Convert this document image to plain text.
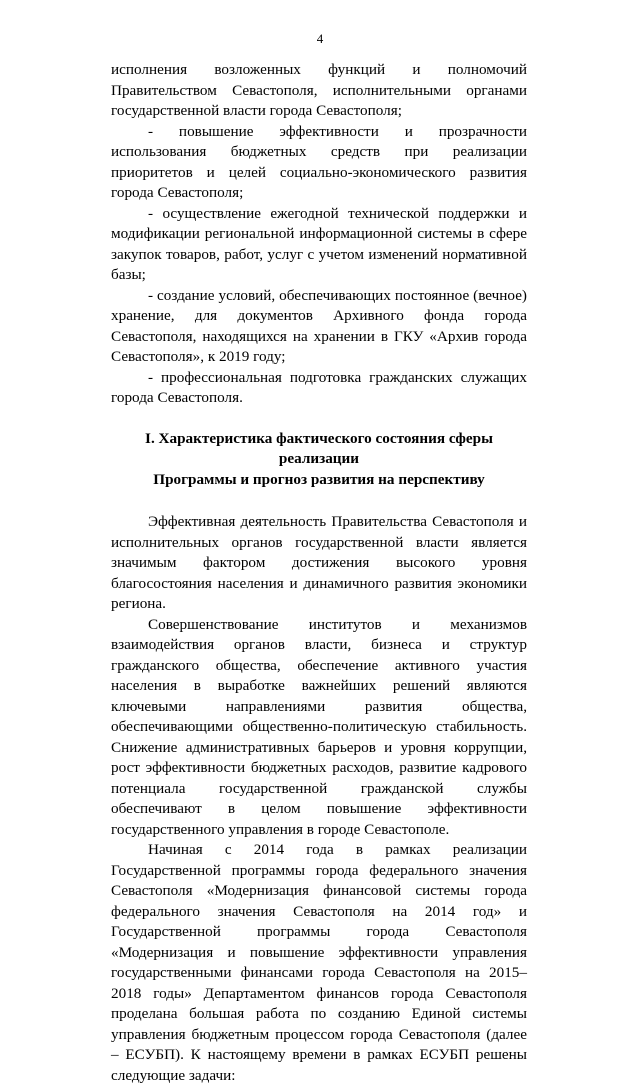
4

исполнения возложенных функций и полномочий Правительством Севастополя, исполнительными органами государственной власти города Севастополя;

- повышение эффективности и прозрачности использования бюджетных средств при реализации приоритетов и целей социально-экономического развития города Севастополя;

- осуществление ежегодной технической поддержки и модификации региональной информационной системы в сфере закупок товаров, работ, услуг с учетом изменений нормативной базы;

- создание условий, обеспечивающих постоянное (вечное) хранение, для документов Архивного фонда города Севастополя, находящихся на хранении в ГКУ «Архив города Севастополя», к 2019 году;

- профессиональная подготовка гражданских служащих города Севастополя.

I. Характеристика фактического состояния сферы реализации
Программы и прогноз развития на перспективу

Эффективная деятельность Правительства Севастополя и исполнительных органов государственной власти является значимым фактором достижения высокого уровня благосостояния населения и динамичного развития экономики региона.

Совершенствование институтов и механизмов взаимодействия органов власти, бизнеса и структур гражданского общества, обеспечение активного участия населения в выработке важнейших решений являются ключевыми направлениями развития общества, обеспечивающими общественно-политическую стабильность. Снижение административных барьеров и уровня коррупции, рост эффективности бюджетных расходов, развитие кадрового потенциала государственной гражданской службы обеспечивают в целом повышение эффективности государственного управления в городе Севастополе.

Начиная с 2014 года в рамках реализации Государственной программы города федерального значения Севастополя «Модернизация финансовой системы города федерального значения Севастополя на 2014 год» и Государственной программы города Севастополя «Модернизация и повышение эффективности управления государственными финансами города Севастополя на 2015–2018 годы» Департаментом финансов города Севастополя проделана большая работа по созданию Единой системы управления бюджетным процессом города Севастополя (далее – ЕСУБП). К настоящему времени в рамках ЕСУБП решены следующие задачи:
